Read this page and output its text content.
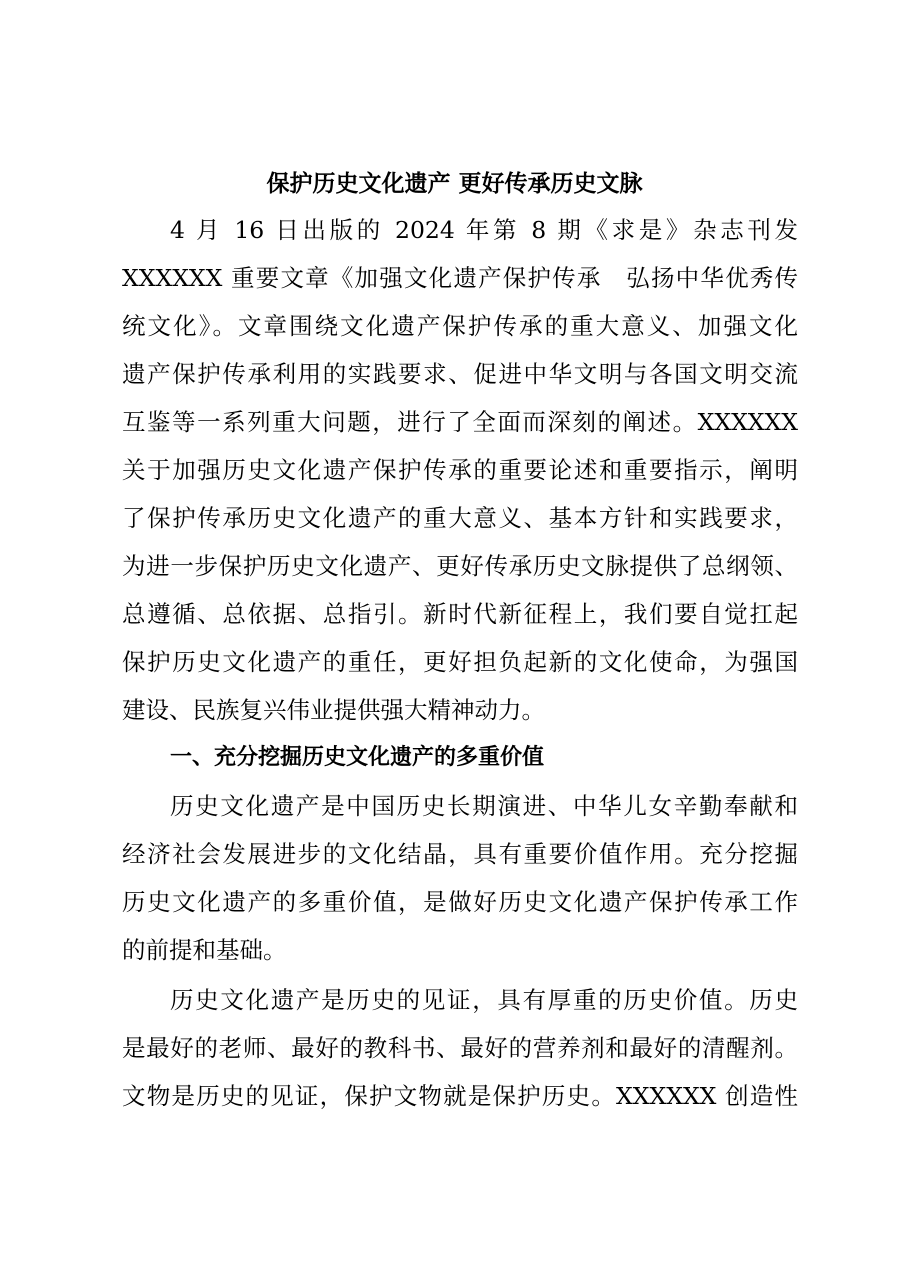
保护历史文化遗产 更好传承历史文脉
4 月 16 日出版的 2024 年第 8 期《求是》杂志刊发
XXXXXX 重要文章《加强文化遗产保护传承　弘扬中华优秀传
统文化》。文章围绕文化遗产保护传承的重大意义、加强文化
遗产保护传承利用的实践要求、促进中华文明与各国文明交流
互鉴等一系列重大问题，进行了全面而深刻的阐述。XXXXXX
关于加强历史文化遗产保护传承的重要论述和重要指示，阐明
了保护传承历史文化遗产的重大意义、基本方针和实践要求，
为进一步保护历史文化遗产、更好传承历史文脉提供了总纲领、
总遵循、总依据、总指引。新时代新征程上，我们要自觉扛起
保护历史文化遗产的重任，更好担负起新的文化使命，为强国
建设、民族复兴伟业提供强大精神动力。
一、充分挖掘历史文化遗产的多重价值
历史文化遗产是中国历史长期演进、中华儿女辛勤奉献和
经济社会发展进步的文化结晶，具有重要价值作用。充分挖掘
历史文化遗产的多重价值，是做好历史文化遗产保护传承工作
的前提和基础。
历史文化遗产是历史的见证，具有厚重的历史价值。历史
是最好的老师、最好的教科书、最好的营养剂和最好的清醒剂。
文物是历史的见证，保护文物就是保护历史。XXXXXX 创造性
